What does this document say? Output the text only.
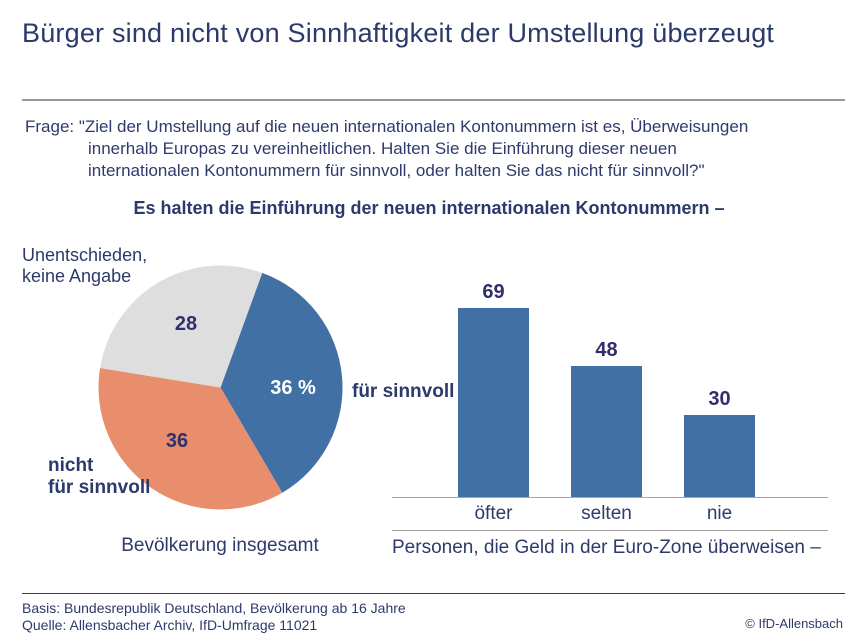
Bürger sind nicht von Sinnhaftigkeit der Umstellung überzeugt
Frage: "Ziel der Umstellung auf die neuen internationalen Kontonummern ist es, Überweisungen
innerhalb Europas zu vereinheitlichen. Halten Sie die Einführung dieser neuen
internationalen Kontonummern für sinnvoll, oder halten Sie das nicht für sinnvoll?"
Es halten die Einführung der neuen internationalen Kontonummern –
36 %
36
28
Unentschieden,
keine Angabe
nicht
für sinnvoll
für sinnvoll
Bevölkerung insgesamt
69
48
30
öfter	selten	nie
Personen, die Geld in der Euro-Zone überweisen –
Basis: Bundesrepublik Deutschland, Bevölkerung ab 16 Jahre
Quelle: Allensbacher Archiv, IfD-Umfrage 11021	© IfD-Allensbach
